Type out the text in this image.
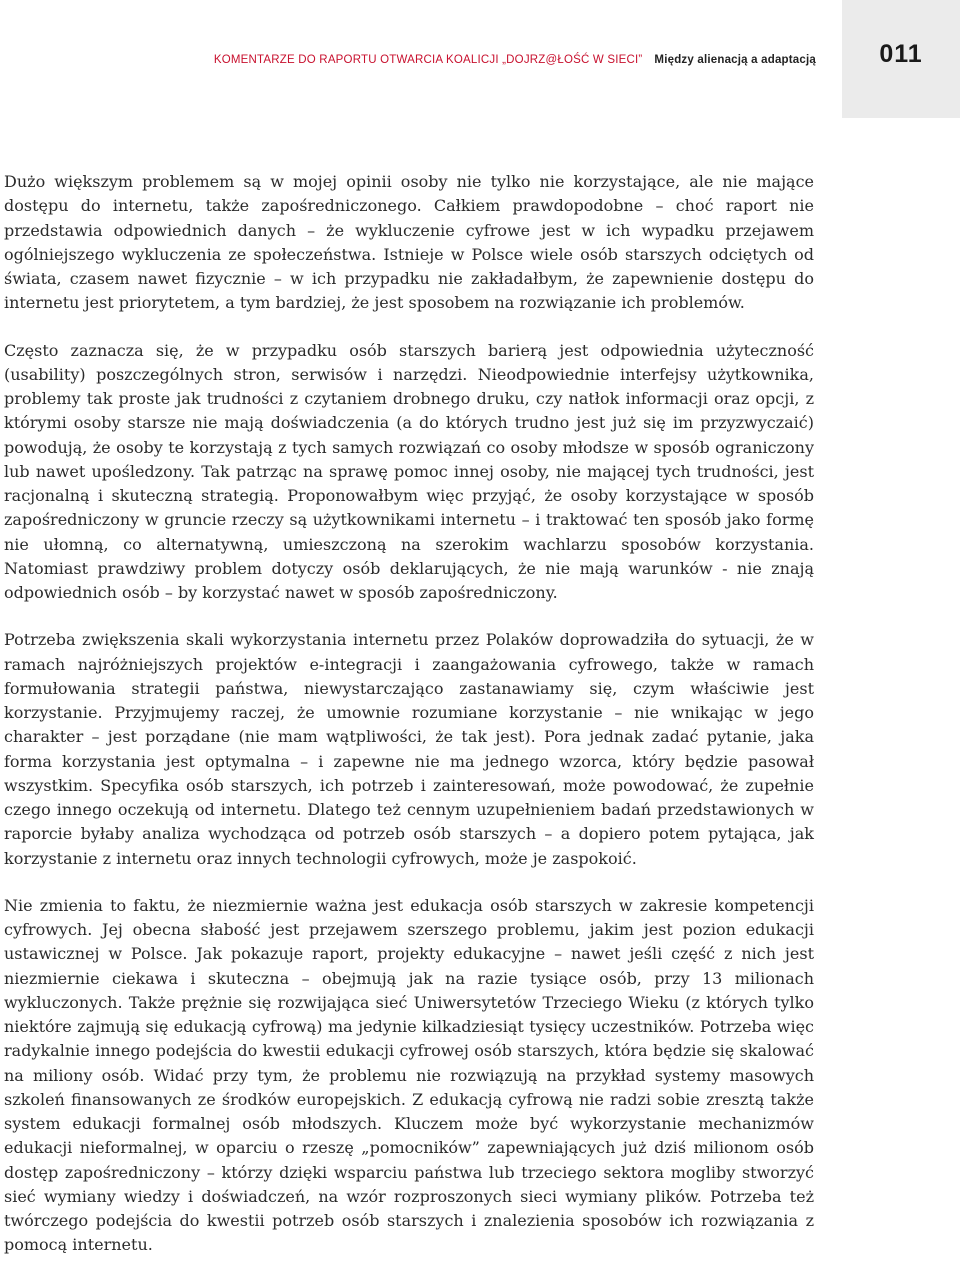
KOMENTARZE DO RAPORTU OTWARCIA KOALICJI „DOJRZ@ŁOŚĆ W SIECI” Między alienacją a adaptacją	011

Dużo większym problemem są w mojej opinii osoby nie tylko nie korzystające, ale nie mające dostępu do internetu, także zapośredniczonego. Całkiem prawdopodobne – choć raport nie przedstawia odpowiednich danych – że wykluczenie cyfrowe jest w ich wypadku przejawem ogólniejszego wykluczenia ze społeczeństwa. Istnieje w Polsce wiele osób starszych odciętych od świata, czasem nawet fizycznie – w ich przypadku nie zakładałbym, że zapewnienie dostępu do internetu jest priorytetem, a tym bardziej, że jest sposobem na rozwiązanie ich problemów.

Często zaznacza się, że w przypadku osób starszych barierą jest odpowiednia użyteczność (usability) poszczególnych stron, serwisów i narzędzi. Nieodpowiednie interfejsy użytkownika, problemy tak proste jak trudności z czytaniem drobnego druku, czy natłok informacji oraz opcji, z którymi osoby starsze nie mają doświadczenia (a do których trudno jest już się im przyzwyczaić) powodują, że osoby te korzystają z tych samych rozwiązań co osoby młodsze w sposób ograniczony lub nawet upośledzony. Tak patrząc na sprawę pomoc innej osoby, nie mającej tych trudności, jest racjonalną i skuteczną strategią. Proponowałbym więc przyjąć, że osoby korzystające w sposób zapośredniczony w gruncie rzeczy są użytkownikami internetu – i traktować ten sposób jako formę nie ułomną, co alternatywną, umieszczoną na szerokim wachlarzu sposobów korzystania. Natomiast prawdziwy problem dotyczy osób deklarujących, że nie mają warunków - nie znają odpowiednich osób – by korzystać nawet w sposób zapośredniczony.

Potrzeba zwiększenia skali wykorzystania internetu przez Polaków doprowadziła do sytuacji, że w ramach najróżniejszych projektów e-integracji i zaangażowania cyfrowego, także w ramach formułowania strategii państwa, niewystarczająco zastanawiamy się, czym właściwie jest korzystanie. Przyjmujemy raczej, że umownie rozumiane korzystanie – nie wnikając w jego charakter – jest porządane (nie mam wątpliwości, że tak jest). Pora jednak zadać pytanie, jaka forma korzystania jest optymalna – i zapewne nie ma jednego wzorca, który będzie pasował wszystkim. Specyfika osób starszych, ich potrzeb i zainteresowań, może powodować, że zupełnie czego innego oczekują od internetu. Dlatego też cennym uzupełnieniem badań przedstawionych w raporcie byłaby analiza wychodząca od potrzeb osób starszych – a dopiero potem pytająca, jak korzystanie z internetu oraz innych technologii cyfrowych, może je zaspokoić.

Nie zmienia to faktu, że niezmiernie ważna jest edukacja osób starszych w zakresie kompetencji cyfrowych. Jej obecna słabość jest przejawem szerszego problemu, jakim jest pozion edukacji ustawicznej w Polsce. Jak pokazuje raport, projekty edukacyjne – nawet jeśli część z nich jest niezmiernie ciekawa i skuteczna – obejmują jak na razie tysiące osób, przy 13 milionach wykluczonych. Także prężnie się rozwijająca sieć Uniwersytetów Trzeciego Wieku (z których tylko niektóre zajmują się edukacją cyfrową) ma jedynie kilkadziesiąt tysięcy uczestników. Potrzeba więc radykalnie innego podejścia do kwestii edukacji cyfrowej osób starszych, która będzie się skalować na miliony osób. Widać przy tym, że problemu nie rozwiązują na przykład systemy masowych szkoleń finansowanych ze środków europejskich. Z edukacją cyfrową nie radzi sobie zresztą także system edukacji formalnej osób młodszych. Kluczem może być wykorzystanie mechanizmów edukacji nieformalnej, w oparciu o rzeszę „pomocników” zapewniających już dziś milionom osób dostęp zapośredniczony – którzy dzięki wsparciu państwa lub trzeciego sektora mogliby stworzyć sieć wymiany wiedzy i doświadczeń, na wzór rozproszonych sieci wymiany plików. Potrzeba też twórczego podejścia do kwestii potrzeb osób starszych i znalezienia sposobów ich rozwiązania z pomocą internetu.
